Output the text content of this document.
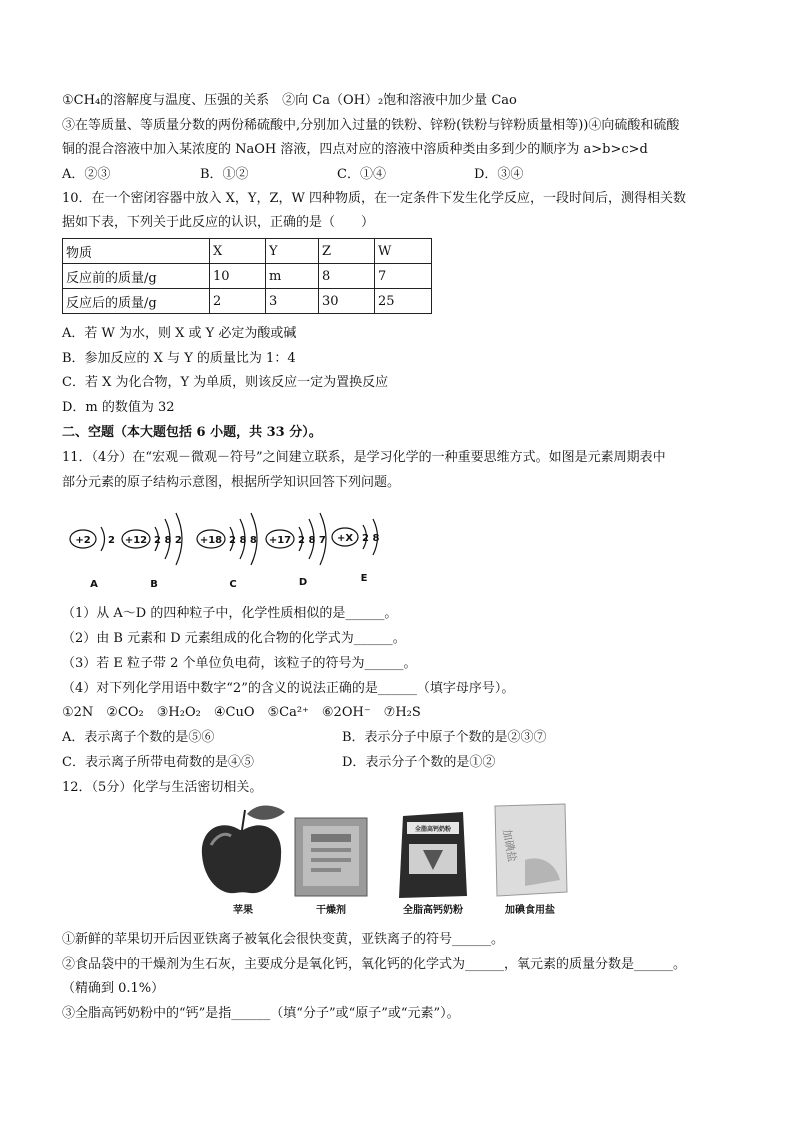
①CH₄的溶解度与温度、压强的关系　②向 Ca（OH）₂饱和溶液中加少量 Cao
③在等质量、等质量分数的两份稀硫酸中,分别加入过量的铁粉、锌粉(铁粉与锌粉质量相等))④向硫酸和硫酸
铜的混合溶液中加入某浓度的 NaOH 溶液，四点对应的溶液中溶质种类由多到少的顺序为 a>b>c>d
A．②③	B．①②	C．①④	D．③④
10．在一个密闭容器中放入 X，Y，Z，W 四种物质，在一定条件下发生化学反应，一段时间后，测得相关数
据如下表，下列关于此反应的认识，正确的是（　　）
物质	X	Y	Z	W
反应前的质量/g	10	m	8	7
反应后的质量/g	2	3	30	25
A．若 W 为水，则 X 或 Y 必定为酸或碱
B．参加反应的 X 与 Y 的质量比为 1：4
C．若 X 为化合物，Y 为单质，则该反应一定为置换反应
D．m 的数值为 32
二、空题（本大题包括 6 小题，共 33 分）。
11．（4分）在“宏观－微观－符号”之间建立联系，是学习化学的一种重要思维方式。如图是元素周期表中
部分元素的原子结构示意图，根据所学知识回答下列问题。
+2 2
A
+12 2 8 2
B
+18 2 8 8
C
+17 2 8 7
D
+X 2 8
E
（1）从 A～D 的四种粒子中，化学性质相似的是______。
（2）由 B 元素和 D 元素组成的化合物的化学式为______。
（3）若 E 粒子带 2 个单位负电荷，该粒子的符号为______。
（4）对下列化学用语中数字“2”的含义的说法正确的是______（填字母序号）。
①2N　②CO₂　③H₂O₂　④CuO　⑤Ca²⁺　⑥2OH⁻　⑦H₂S
A．表示离子个数的是⑤⑥	B．表示分子中原子个数的是②③⑦
C．表示离子所带电荷数的是④⑤	D．表示分子个数的是①②
12．（5分）化学与生活密切相关。
苹果	干燥剂
全脂高钙奶粉
全脂高钙奶粉
加碘盐
加碘食用盐
①新鲜的苹果切开后因亚铁离子被氧化会很快变黄，亚铁离子的符号______。
②食品袋中的干燥剂为生石灰，主要成分是氧化钙，氧化钙的化学式为______，氧元素的质量分数是______。
（精确到 0.1%）
③全脂高钙奶粉中的“钙”是指______（填“分子”或“原子”或“元素”）。
